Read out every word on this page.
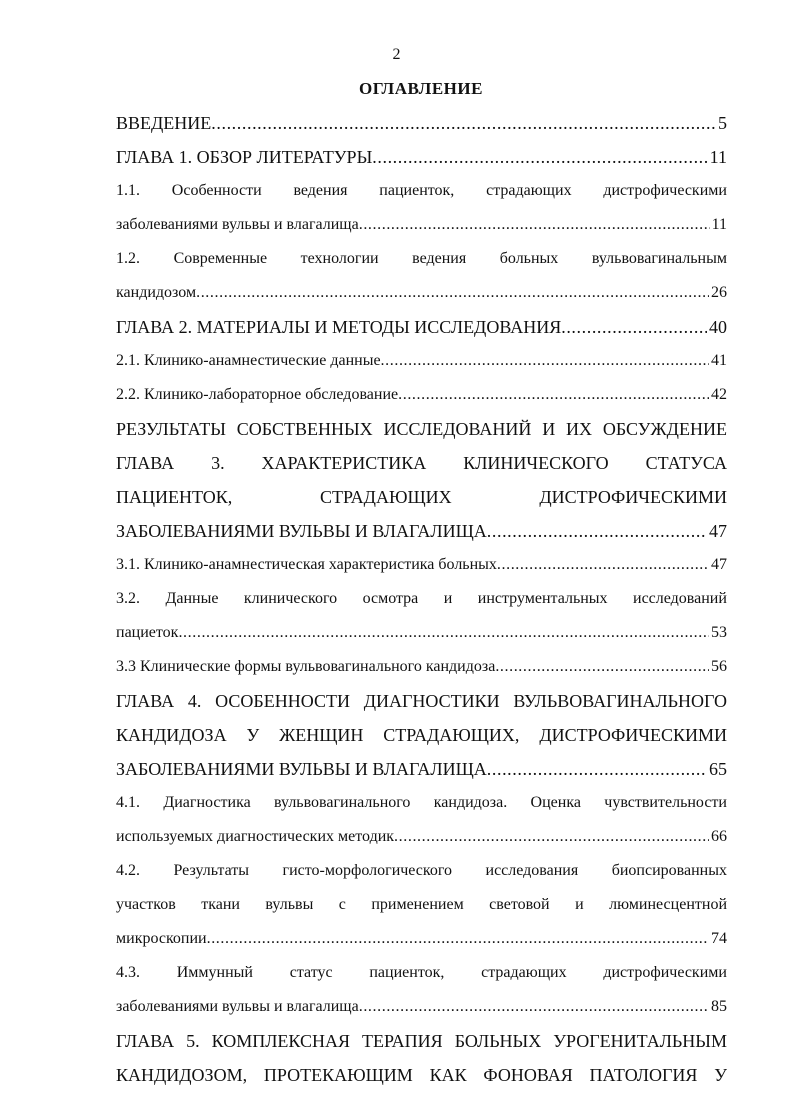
2
ОГЛАВЛЕНИЕ
ВВЕДЕНИЕ .....	5
ГЛАВА 1. ОБЗОР ЛИТЕРАТУРЫ .....	11
1.1. Особенности ведения пациенток, страдающих дистрофическими
заболеваниями вульвы и влагалища .....	11
1.2. Современные технологии ведения больных вульвовагинальным
кандидозом .....	26
ГЛАВА 2. МАТЕРИАЛЫ И МЕТОДЫ ИССЛЕДОВАНИЯ .....	40
2.1. Клинико-анамнестические данные .....	41
2.2. Клинико-лабораторное обследование .....	42
РЕЗУЛЬТАТЫ СОБСТВЕННЫХ ИССЛЕДОВАНИЙ И ИХ ОБСУЖДЕНИЕ
ГЛАВА 3. ХАРАКТЕРИСТИКА КЛИНИЧЕСКОГО СТАТУСА
ПАЦИЕНТОК,	СТРАДАЮЩИХ	ДИСТРОФИЧЕСКИМИ
ЗАБОЛЕВАНИЯМИ ВУЛЬВЫ И ВЛАГАЛИЩА .....	47
3.1. Клинико-анамнестическая характеристика больных .....	47
3.2. Данные клинического осмотра и инструментальных исследований
пациеток .....	53
3.3 Клинические формы вульвовагинального кандидоза .....	56
ГЛАВА 4. ОСОБЕННОСТИ ДИАГНОСТИКИ ВУЛЬВОВАГИНАЛЬНОГО
КАНДИДОЗА У ЖЕНЩИН СТРАДАЮЩИХ, ДИСТРОФИЧЕСКИМИ
ЗАБОЛЕВАНИЯМИ ВУЛЬВЫ И ВЛАГАЛИЩА .....	65
4.1. Диагностика вульвовагинального кандидоза. Оценка чувствительности
используемых диагностических методик .....	66
4.2. Результаты гисто-морфологического исследования биопсированных
участков ткани вульвы с применением световой и люминесцентной
микроскопии .....	74
4.3. Иммунный статус пациенток, страдающих дистрофическими
заболеваниями вульвы и влагалища .....	85
ГЛАВА 5. КОМПЛЕКСНАЯ ТЕРАПИЯ БОЛЬНЫХ УРОГЕНИТАЛЬНЫМ
КАНДИДОЗОМ, ПРОТЕКАЮЩИМ КАК ФОНОВАЯ ПАТОЛОГИЯ У
